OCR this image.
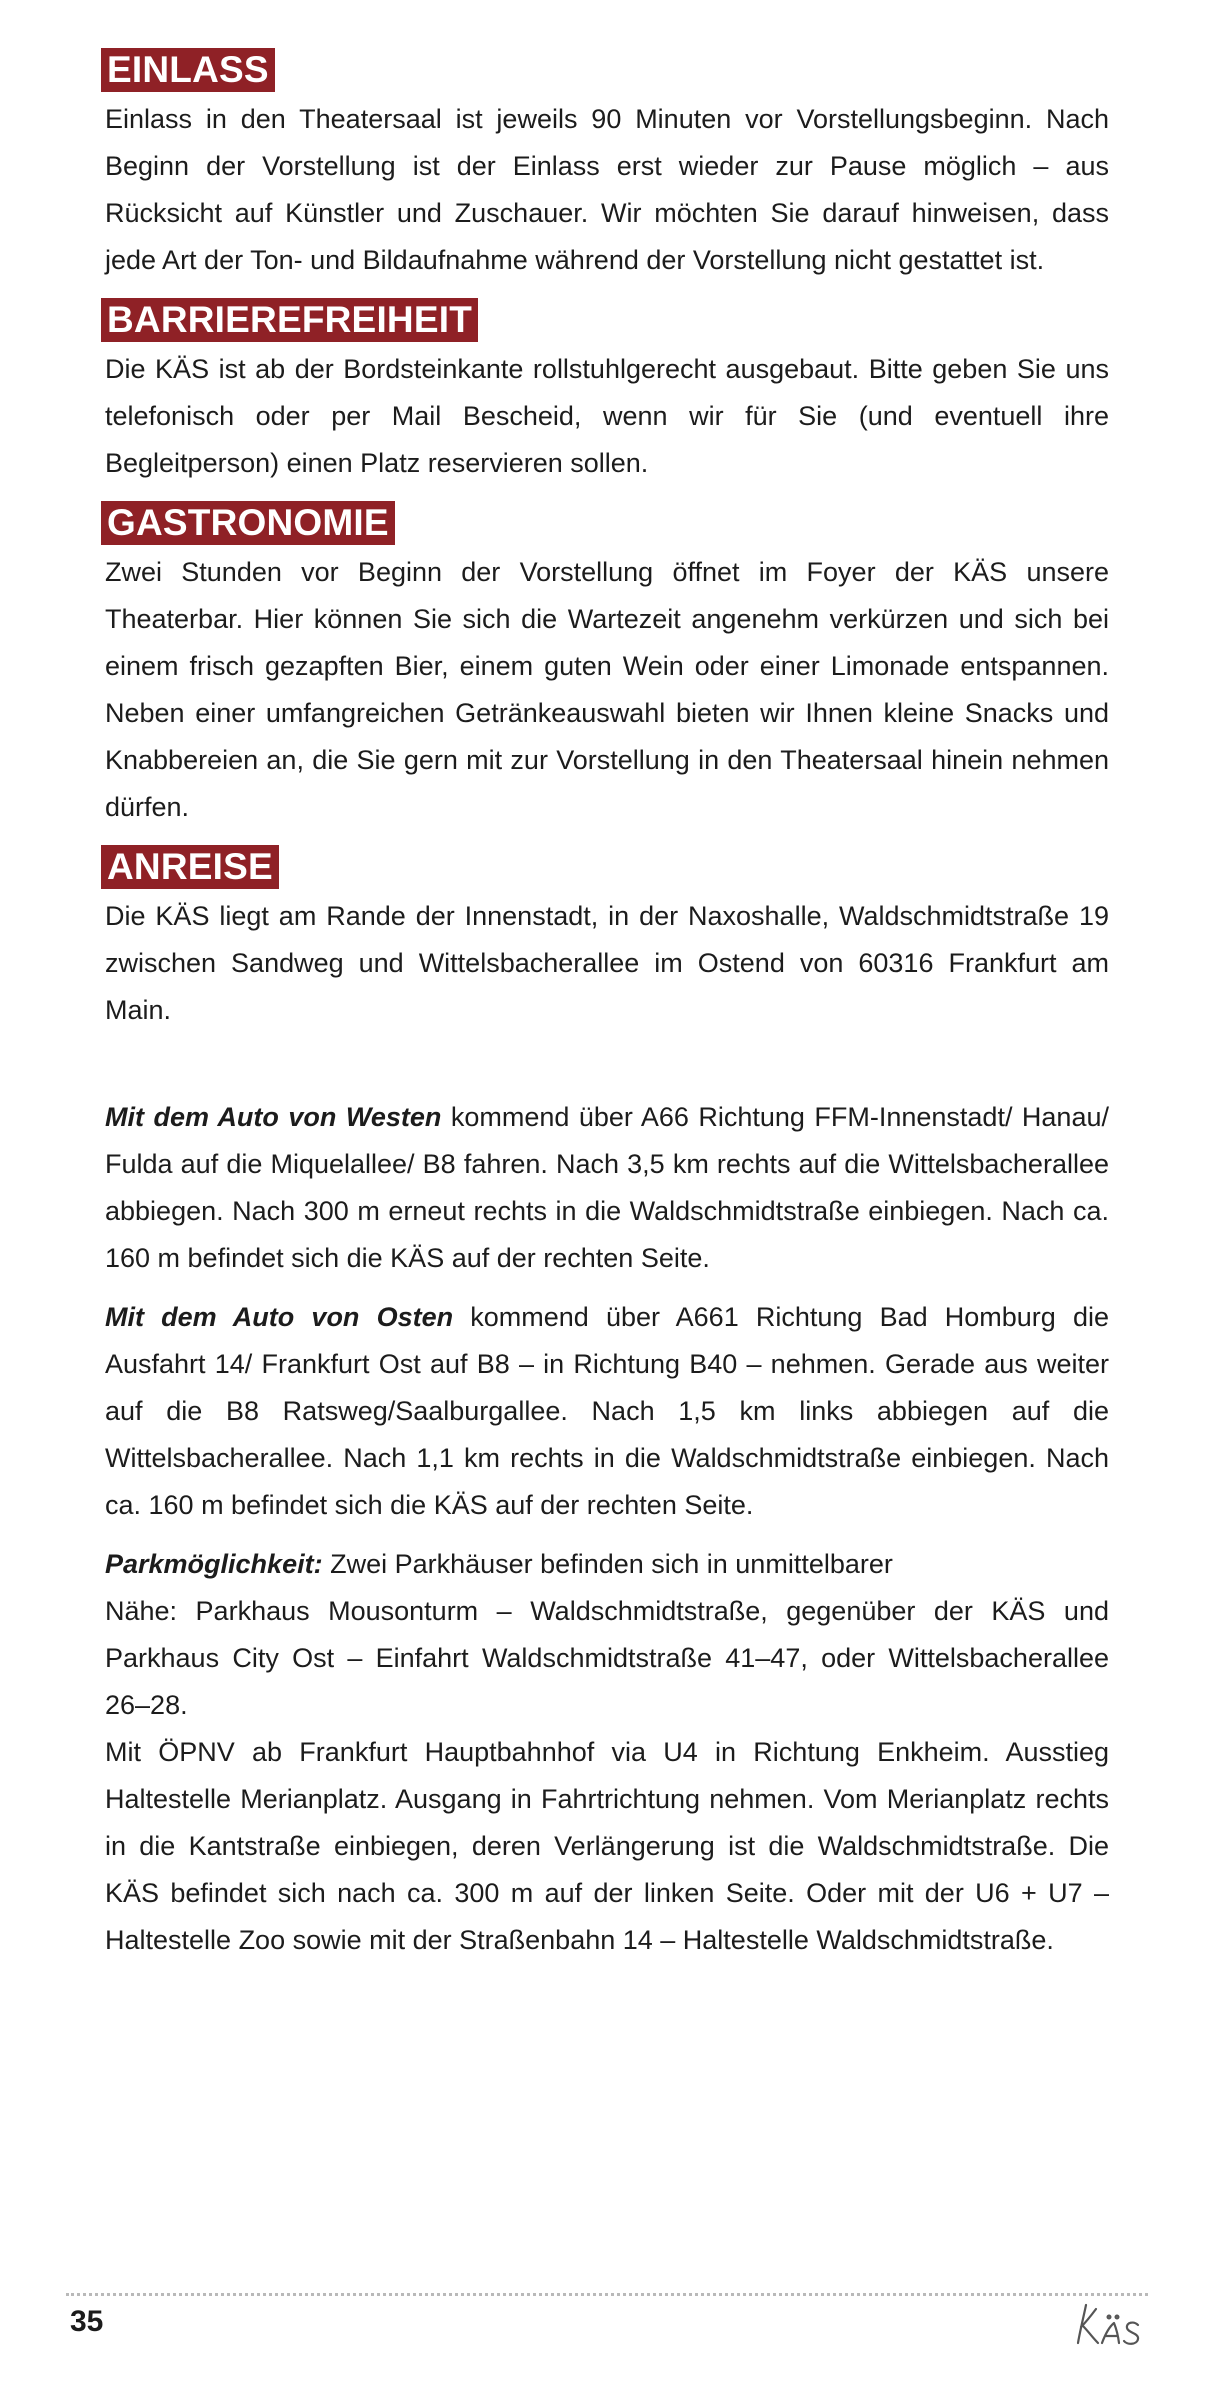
EINLASS

Einlass in den Theatersaal ist jeweils 90 Minuten vor Vorstellungsbeginn. Nach Beginn der Vorstellung ist der Einlass erst wieder zur Pause möglich – aus Rücksicht auf Künstler und Zuschauer. Wir möchten Sie darauf hinweisen, dass jede Art der Ton- und Bildaufnahme während der Vorstellung nicht gestattet ist.

BARRIEREFREIHEIT

Die KÄS ist ab der Bordsteinkante rollstuhlgerecht ausgebaut. Bitte geben Sie uns telefonisch oder per Mail Bescheid, wenn wir für Sie (und eventuell ihre Begleitperson) einen Platz reservieren sollen.

GASTRONOMIE

Zwei Stunden vor Beginn der Vorstellung öffnet im Foyer der KÄS unsere Theaterbar. Hier können Sie sich die Wartezeit angenehm verkürzen und sich bei einem frisch gezapften Bier, einem guten Wein oder einer Limonade entspannen. Neben einer umfangreichen Getränkeauswahl bieten wir Ihnen kleine Snacks und Knabbereien an, die Sie gern mit zur Vorstellung in den Theatersaal hinein nehmen dürfen.

ANREISE

Die KÄS liegt am Rande der Innenstadt, in der Naxoshalle, Waldschmidtstraße 19 zwischen Sandweg und Wittelsbacherallee im Ostend von 60316 Frankfurt am Main.

Mit dem Auto von Westen kommend über A66 Richtung FFM-Innenstadt/ Hanau/ Fulda auf die Miquelallee/ B8 fahren. Nach 3,5 km rechts auf die Wittelsbacherallee abbiegen. Nach 300 m erneut rechts in die Waldschmidtstraße einbiegen. Nach ca. 160 m befindet sich die KÄS auf der rechten Seite.

Mit dem Auto von Osten kommend über A661 Richtung Bad Homburg die Ausfahrt 14/ Frankfurt Ost auf B8 – in Richtung B40 – nehmen. Gerade aus weiter auf die B8 Ratsweg/Saalburgallee. Nach 1,5 km links abbiegen auf die Wittelsbacherallee. Nach 1,1 km rechts in die Waldschmidtstraße einbiegen. Nach ca. 160 m befindet sich die KÄS auf der rechten Seite.

Parkmöglichkeit: Zwei Parkhäuser befinden sich in unmittelbarer

Nähe: Parkhaus Mousonturm – Waldschmidtstraße, gegenüber der KÄS und Parkhaus City Ost – Einfahrt Waldschmidtstraße 41–47, oder Wittelsbacherallee 26–28.

Mit ÖPNV ab Frankfurt Hauptbahnhof via U4 in Richtung Enkheim. Ausstieg Haltestelle Merianplatz. Ausgang in Fahrtrichtung nehmen. Vom Merianplatz rechts in die Kantstraße einbiegen, deren Verlängerung ist die Waldschmidtstraße. Die KÄS befindet sich nach ca. 300 m auf der linken Seite. Oder mit der U6 + U7 – Haltestelle Zoo sowie mit der Straßenbahn 14 – Haltestelle Waldschmidtstraße.

35
